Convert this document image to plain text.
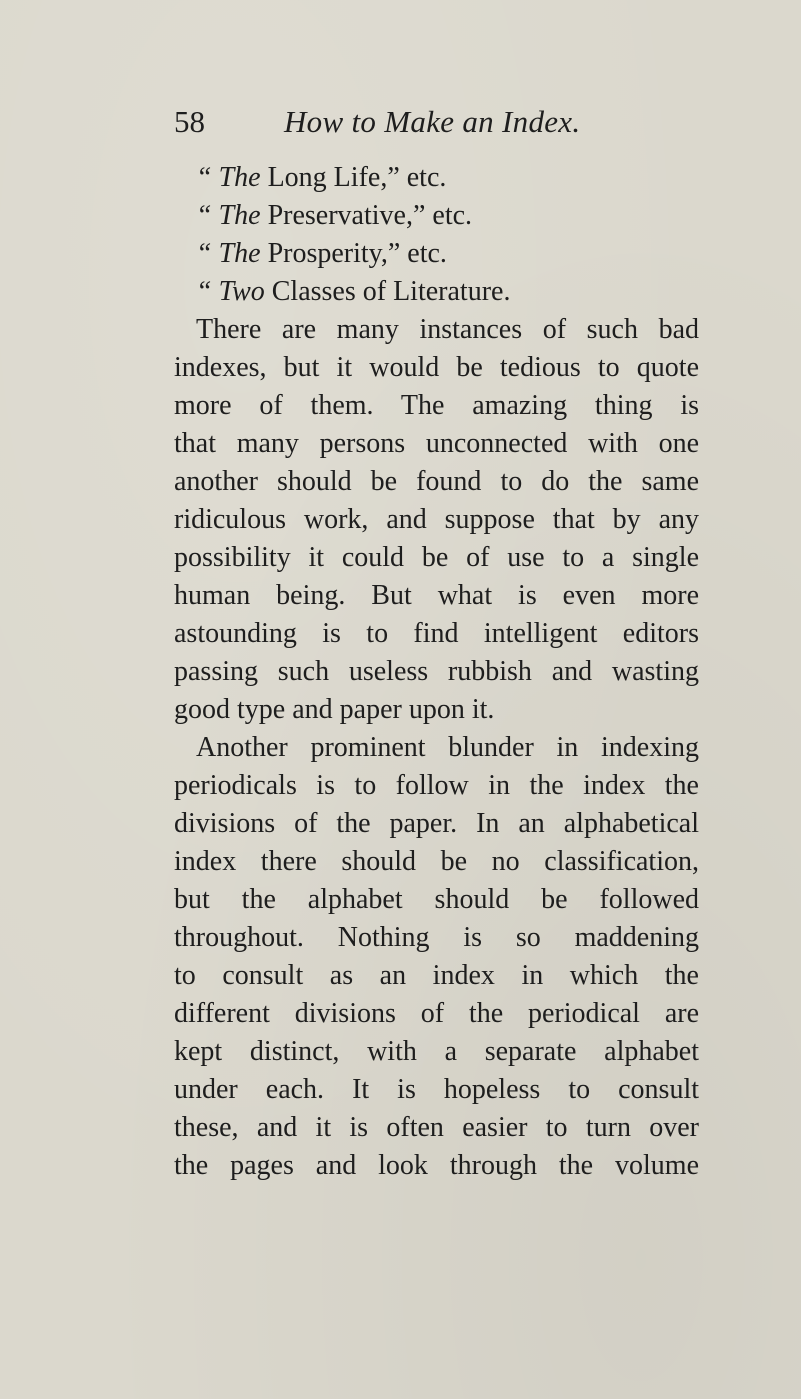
58	How to Make an Index.
“ The Long Life,” etc.
“ The Preservative,” etc.
“ The Prosperity,” etc.
“ Two Classes of Literature.
There are many instances of such bad
indexes, but it would be tedious to quote
more of them. The amazing thing is
that many persons unconnected with one
another should be found to do the same
ridiculous work, and suppose that by any
possibility it could be of use to a single
human being. But what is even more
astounding is to find intelligent editors
passing such useless rubbish and wasting
good type and paper upon it.
Another prominent blunder in indexing
periodicals is to follow in the index the
divisions of the paper. In an alphabetical
index there should be no classification,
but the alphabet should be followed
throughout. Nothing is so maddening
to consult as an index in which the
different divisions of the periodical are
kept distinct, with a separate alphabet
under each. It is hopeless to consult
these, and it is often easier to turn over
the pages and look through the volume
